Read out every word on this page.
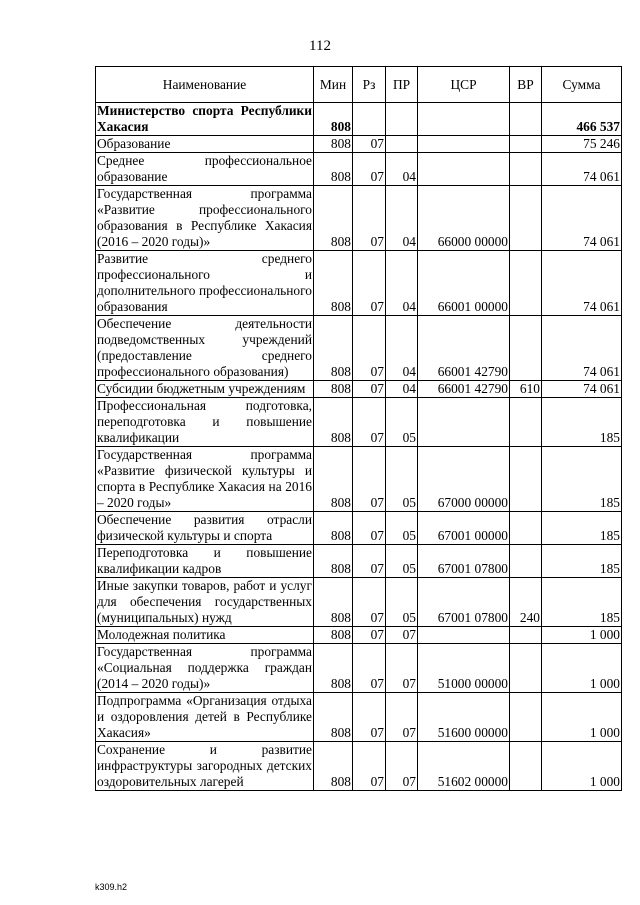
112
Наименование	Мин	Рз	ПР	ЦСР	ВР	Сумма
Министерство спорта Республики Хакасия	808					466 537
Образование	808	07				75 246
Среднее профессиональное образование	808	07	04			74 061
Государственная программа «Развитие профессионального образования в Республике Хакасия (2016 – 2020 годы)»	808	07	04	66000 00000		74 061
Развитие среднего профессионального и дополнительного профессионального образования	808	07	04	66001 00000		74 061
Обеспечение деятельности подведомственных учреждений (предоставление среднего профессионального образования)	808	07	04	66001 42790		74 061
Субсидии бюджетным учреждениям	808	07	04	66001 42790	610	74 061
Профессиональная подготовка, переподготовка и повышение квалификации	808	07	05			185
Государственная программа «Развитие физической культуры и спорта в Республике Хакасия на 2016 – 2020 годы»	808	07	05	67000 00000		185
Обеспечение развития отрасли физической культуры и спорта	808	07	05	67001 00000		185
Переподготовка и повышение квалификации кадров	808	07	05	67001 07800		185
Иные закупки товаров, работ и услуг для обеспечения государственных (муниципальных) нужд	808	07	05	67001 07800	240	185
Молодежная политика	808	07	07			1 000
Государственная программа «Социальная поддержка граждан (2014 – 2020 годы)»	808	07	07	51000 00000		1 000
Подпрограмма «Организация отдыха и оздоровления детей в Республике Хакасия»	808	07	07	51600 00000		1 000
Сохранение и развитие инфраструктуры загородных детских оздоровительных лагерей	808	07	07	51602 00000		1 000
k309.h2
